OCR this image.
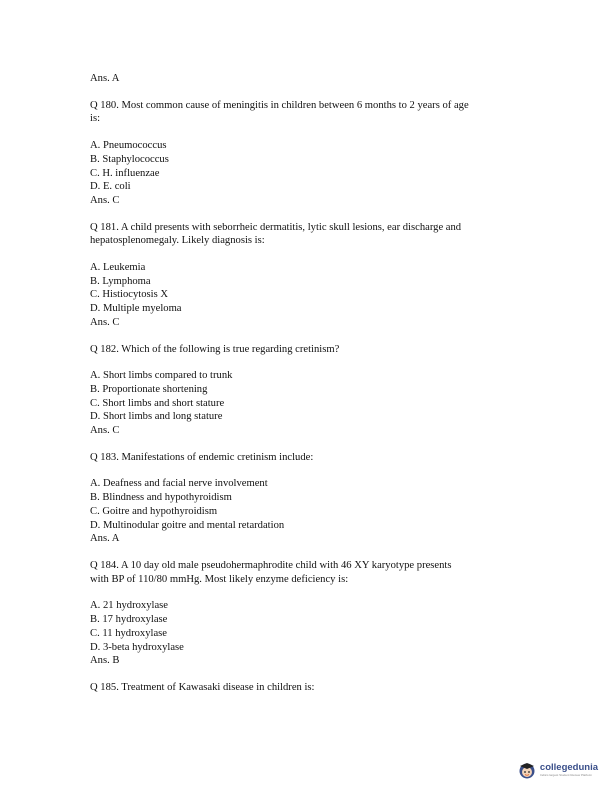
Ans. A

Q 180. Most common cause of meningitis in children between 6 months to 2 years of age

is:

A. Pneumococcus

B. Staphylococcus

C. H. influenzae

D. E. coli

Ans. C

Q 181. A child presents with seborrheic dermatitis, lytic skull lesions, ear discharge and

hepatosplenomegaly. Likely diagnosis is:

A. Leukemia

B. Lymphoma

C. Histiocytosis X

D. Multiple myeloma

Ans. C

Q 182. Which of the following is true regarding cretinism?

A. Short limbs compared to trunk

B. Proportionate shortening

C. Short limbs and short stature

D. Short limbs and long stature

Ans. C

Q 183. Manifestations of endemic cretinism include:

A. Deafness and facial nerve involvement

B. Blindness and hypothyroidism

C. Goitre and hypothyroidism

D. Multinodular goitre and mental retardation

Ans. A

Q 184. A 10 day old male pseudohermaphrodite child with 46 XY karyotype presents

with BP of 110/80 mmHg. Most likely enzyme deficiency is:

A. 21 hydroxylase

B. 17 hydroxylase

C. 11 hydroxylase

D. 3-beta hydroxylase

Ans. B

Q 185. Treatment of Kawasaki disease in children is:

collegedunia
India's largest Student Review Platform
